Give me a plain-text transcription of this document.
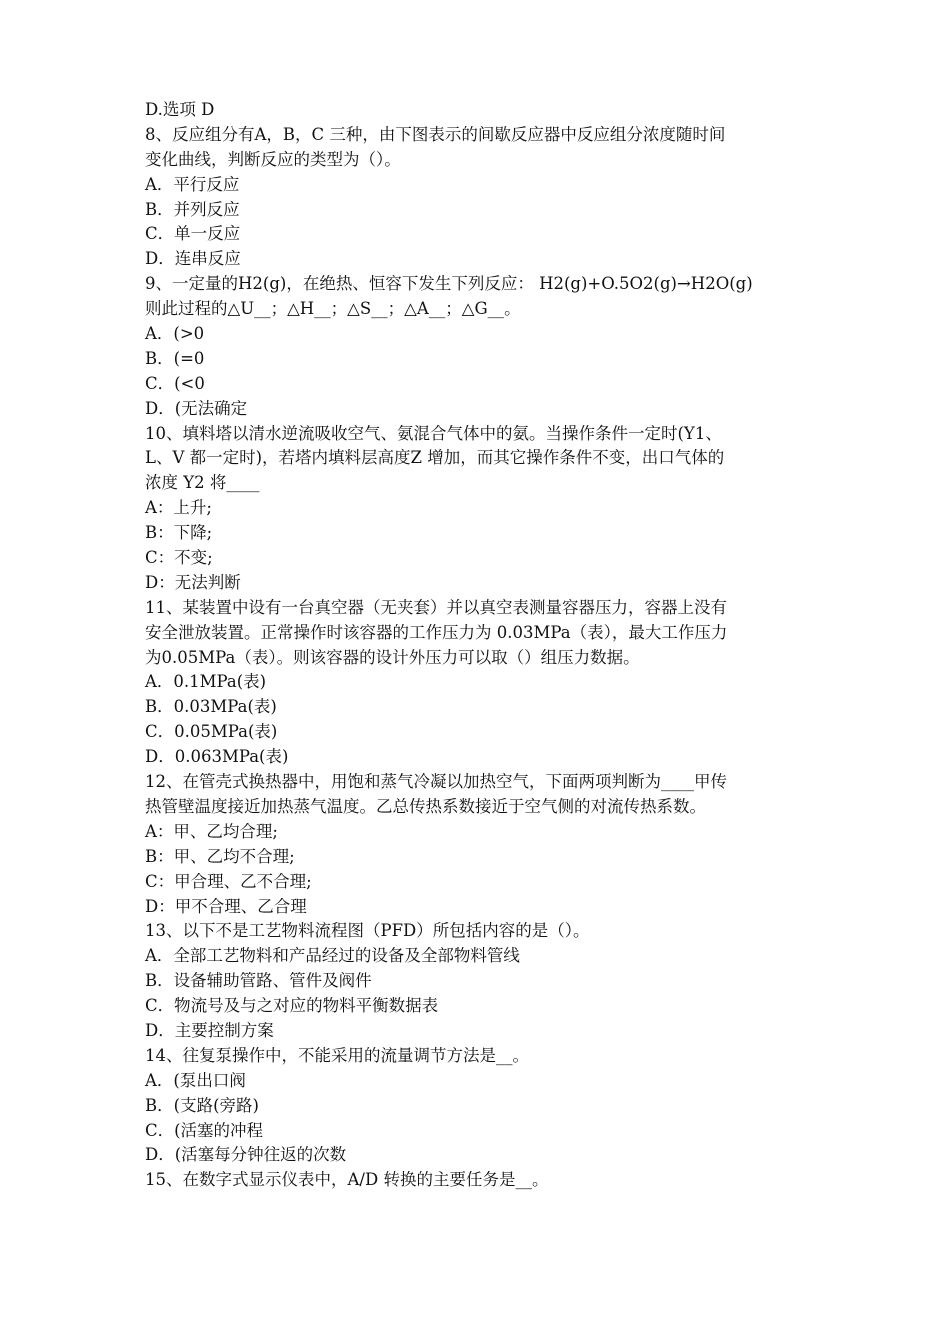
D.选项 D
8、反应组分有A，B，C 三种，由下图表示的间歇反应器中反应组分浓度随时间
变化曲线，判断反应的类型为（）。
A．平行反应
B．并列反应
C．单一反应
D．连串反应
9、一定量的H2(g)，在绝热、恒容下发生下列反应： H2(g)+O.5O2(g)→H2O(g)
则此过程的△U__；△H__；△S__；△A__；△G__。
A．(>0
B．(=0
C．(<0
D．(无法确定
10、填料塔以清水逆流吸收空气、氨混合气体中的氨。当操作条件一定时(Y1、
L、V 都一定时)，若塔内填料层高度Z 增加，而其它操作条件不变，出口气体的
浓度 Y2 将____
A：上升;
B：下降;
C：不变;
D：无法判断
11、某装置中设有一台真空器（无夹套）并以真空表测量容器压力，容器上没有
安全泄放装置。正常操作时该容器的工作压力为 0.03MPa（表），最大工作压力
为0.05MPa（表）。则该容器的设计外压力可以取（）组压力数据。
A．0.1MPa(表)
B．0.03MPa(表)
C．0.05MPa(表)
D．0.063MPa(表)
12、在管壳式换热器中，用饱和蒸气冷凝以加热空气，下面两项判断为____甲传
热管壁温度接近加热蒸气温度。乙总传热系数接近于空气侧的对流传热系数。
A：甲、乙均合理;
B：甲、乙均不合理;
C：甲合理、乙不合理;
D：甲不合理、乙合理
13、以下不是工艺物料流程图（PFD）所包括内容的是（）。
A．全部工艺物料和产品经过的设备及全部物料管线
B．设备辅助管路、管件及阀件
C．物流号及与之对应的物料平衡数据表
D．主要控制方案
14、往复泵操作中，不能采用的流量调节方法是__。
A．(泵出口阀
B．(支路(旁路)
C．(活塞的冲程
D．(活塞每分钟往返的次数
15、在数字式显示仪表中，A/D 转换的主要任务是__。
